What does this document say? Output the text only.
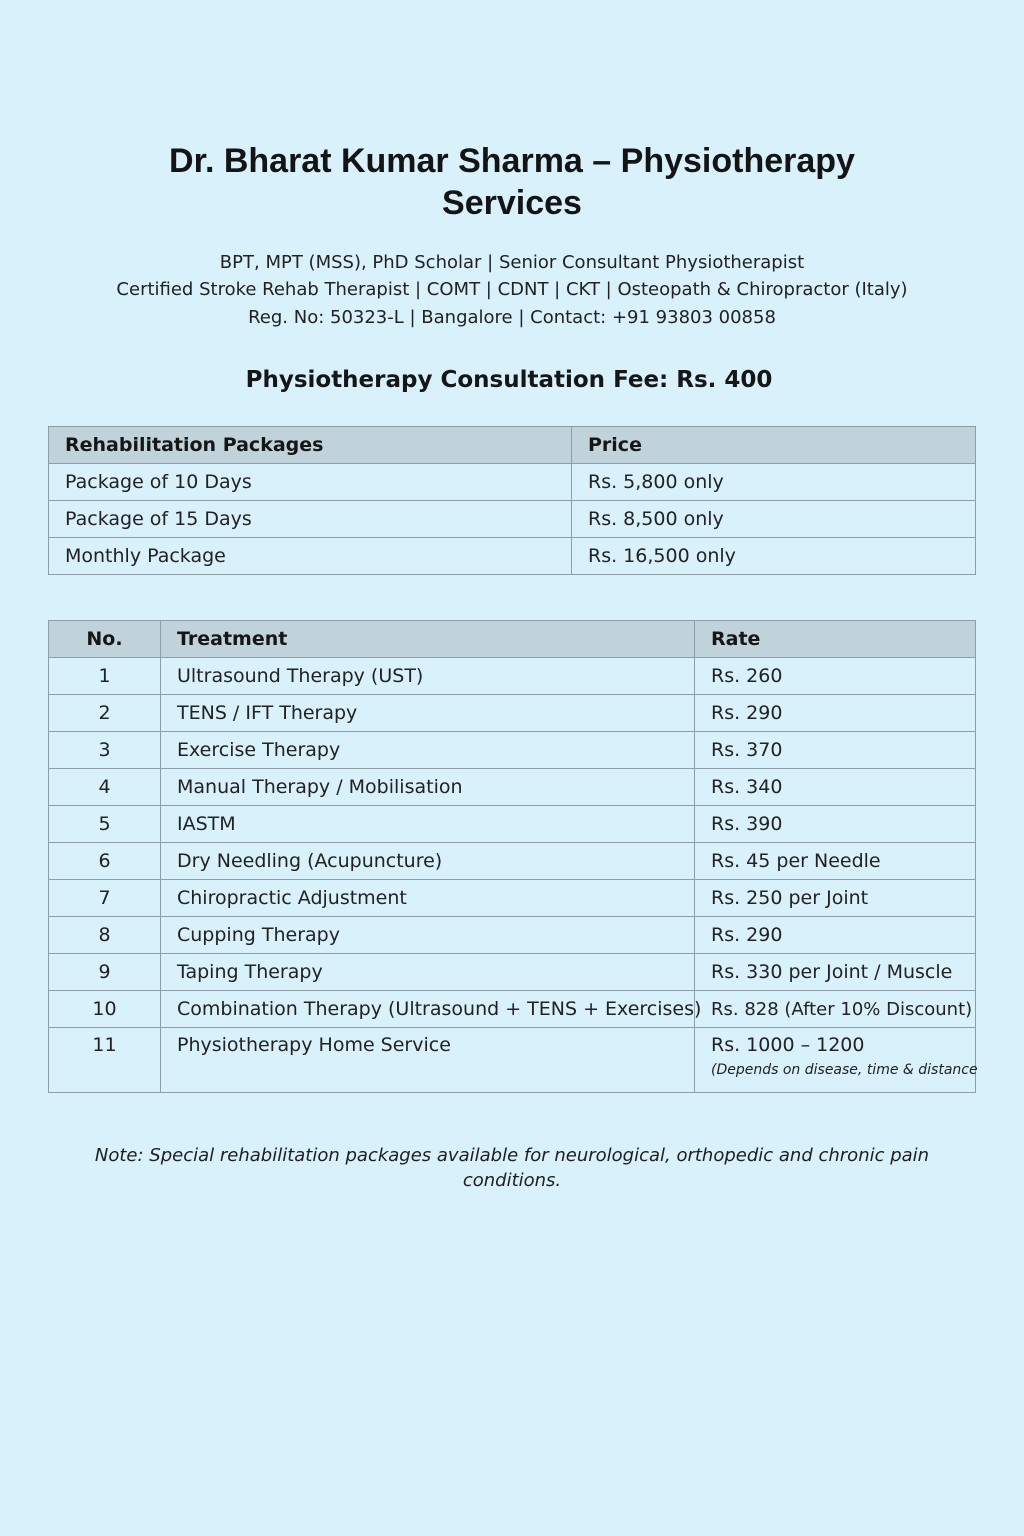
Dr. Bharat Kumar Sharma – Physiotherapy Services
BPT, MPT (MSS), PhD Scholar | Senior Consultant Physiotherapist
Certified Stroke Rehab Therapist | COMT | CDNT | CKT | Osteopath & Chiropractor (Italy)
Reg. No: 50323-L | Bangalore | Contact: +91 93803 00858
Physiotherapy Consultation Fee: Rs. 400
Rehabilitation Packages	Price
Package of 10 Days	Rs. 5,800 only
Package of 15 Days	Rs. 8,500 only
Monthly Package	Rs. 16,500 only
No.	Treatment	Rate
1	Ultrasound Therapy (UST)	Rs. 260
2	TENS / IFT Therapy	Rs. 290
3	Exercise Therapy	Rs. 370
4	Manual Therapy / Mobilisation	Rs. 340
5	IASTM	Rs. 390
6	Dry Needling (Acupuncture)	Rs. 45 per Needle
7	Chiropractic Adjustment	Rs. 250 per Joint
8	Cupping Therapy	Rs. 290
9	Taping Therapy	Rs. 330 per Joint / Muscle
10	Combination Therapy (Ultrasound + TENS + Exercises)	Rs. 828 (After 10% Discount)
11	Physiotherapy Home Service	Rs. 1000 – 1200
(Depends on disease, time & distance
Note: Special rehabilitation packages available for neurological, orthopedic and chronic pain conditions.
